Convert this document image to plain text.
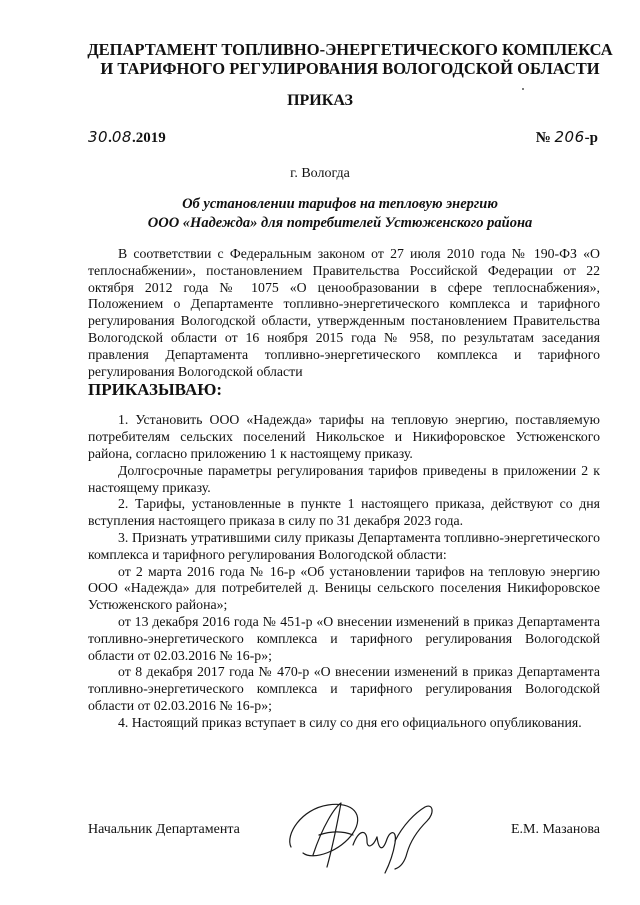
ДЕПАРТАМЕНТ ТОПЛИВНО-ЭНЕРГЕТИЧЕСКОГО КОМПЛЕКСА
И ТАРИФНОГО РЕГУЛИРОВАНИЯ ВОЛОГОДСКОЙ ОБЛАСТИ
ПРИКАЗ
30.08.2019	№ 206-р
г. Вологда
Об установлении тарифов на тепловую энергию
ООО «Надежда» для потребителей Устюженского района

В соответствии с Федеральным законом от 27 июля 2010 года № 190-ФЗ «О теплоснабжении», постановлением Правительства Российской Федерации от 22 октября 2012 года № 1075 «О ценообразовании в сфере теплоснабжения», Положением о Департаменте топливно-энергетического комплекса и тарифного регулирования Вологодской области, утвержденным постановлением Правительства Вологодской области от 16 ноября 2015 года № 958, по результатам заседания правления Департамента топливно-энергетического комплекса и тарифного регулирования Вологодской области

ПРИКАЗЫВАЮ:

1. Установить ООО «Надежда» тарифы на тепловую энергию, поставляемую потребителям сельских поселений Никольское и Никифоровское Устюженского района, согласно приложению 1 к настоящему приказу.

Долгосрочные параметры регулирования тарифов приведены в приложении 2 к настоящему приказу.

2. Тарифы, установленные в пункте 1 настоящего приказа, действуют со дня вступления настоящего приказа в силу по 31 декабря 2023 года.

3. Признать утратившими силу приказы Департамента топливно-энергетического комплекса и тарифного регулирования Вологодской области:

от 2 марта 2016 года № 16-р «Об установлении тарифов на тепловую энергию ООО «Надежда» для потребителей д. Веницы сельского поселения Никифоровское Устюженского района»;

от 13 декабря 2016 года № 451-р «О внесении изменений в приказ Департамента топливно-энергетического комплекса и тарифного регулирования Вологодской области от 02.03.2016 № 16-р»;

от 8 декабря 2017 года № 470-р «О внесении изменений в приказ Департамента топливно-энергетического комплекса и тарифного регулирования Вологодской области от 02.03.2016 № 16-р»;

4. Настоящий приказ вступает в силу со дня его официального опубликования.

Начальник Департамента	Е.М. Мазанова
